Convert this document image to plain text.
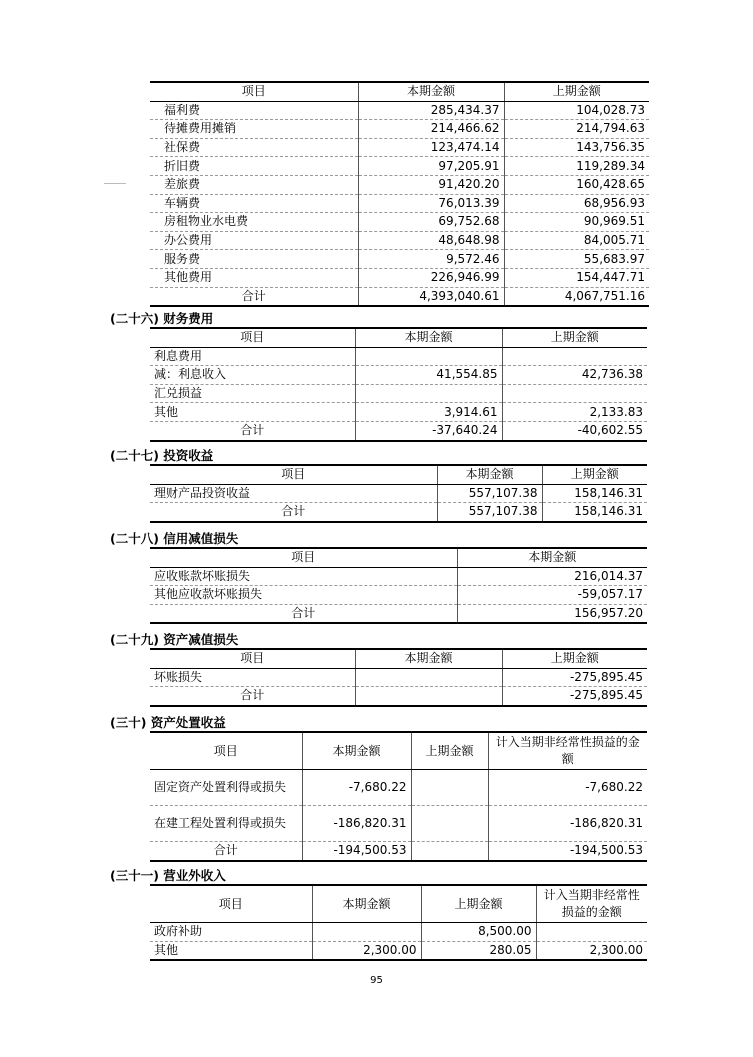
项目	本期金额	上期金额
福利费	285,434.37	104,028.73
待摊费用摊销	214,466.62	214,794.63
社保费	123,474.14	143,756.35
折旧费	97,205.91	119,289.34
差旅费	91,420.20	160,428.65
车辆费	76,013.39	68,956.93
房租物业水电费	69,752.68	90,969.51
办公费用	48,648.98	84,005.71
服务费	9,572.46	55,683.97
其他费用	226,946.99	154,447.71
合计	4,393,040.61	4,067,751.16
(二十六) 财务费用
项目	本期金额	上期金额
利息费用		
减：利息收入	41,554.85	42,736.38
汇兑损益		
其他	3,914.61	2,133.83
合计	-37,640.24	-40,602.55
(二十七) 投资收益
项目	本期金额	上期金额
理财产品投资收益	557,107.38	158,146.31
合计	557,107.38	158,146.31
(二十八) 信用减值损失
项目	本期金额
应收账款坏账损失	216,014.37
其他应收款坏账损失	-59,057.17
合计	156,957.20
(二十九) 资产减值损失
项目	本期金额	上期金额
坏账损失		-275,895.45
合计		-275,895.45
(三十) 资产处置收益
项目	本期金额	上期金额	计入当期非经常性损益的金额
固定资产处置利得或损失	-7,680.22		-7,680.22
在建工程处置利得或损失	-186,820.31		-186,820.31
合计	-194,500.53		-194,500.53
(三十一) 营业外收入
项目	本期金额	上期金额	计入当期非经常性损益的金额
政府补助		8,500.00	
其他	2,300.00	280.05	2,300.00
95
